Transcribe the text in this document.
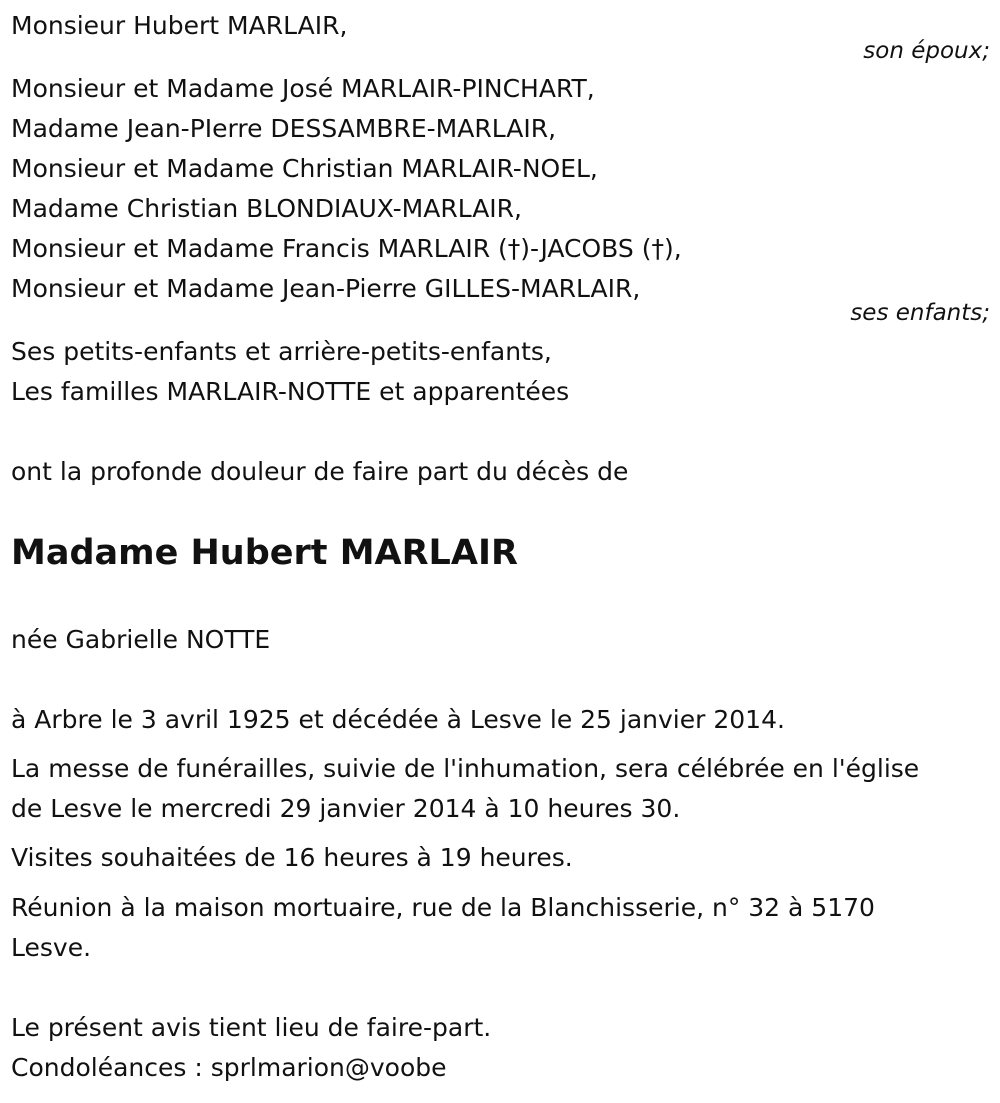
Monsieur Hubert MARLAIR,
son époux;
Monsieur et Madame José MARLAIR-PINCHART,
Madame Jean-PIerre DESSAMBRE-MARLAIR,
Monsieur et Madame Christian MARLAIR-NOEL,
Madame Christian BLONDIAUX-MARLAIR,
Monsieur et Madame Francis MARLAIR (†)-JACOBS (†),
Monsieur et Madame Jean-Pierre GILLES-MARLAIR,
ses enfants;
Ses petits-enfants et arrière-petits-enfants,
Les familles MARLAIR-NOTTE et apparentées
ont la profonde douleur de faire part du décès de
Madame Hubert MARLAIR
née Gabrielle NOTTE
à Arbre le 3 avril 1925 et décédée à Lesve le 25 janvier 2014.
La messe de funérailles, suivie de l'inhumation, sera célébrée en l'église
de Lesve le mercredi 29 janvier 2014 à 10 heures 30.
Visites souhaitées de 16 heures à 19 heures.
Réunion à la maison mortuaire, rue de la Blanchisserie, n° 32 à 5170
Lesve.
Le présent avis tient lieu de faire-part.
Condoléances : sprlmarion@voobe
